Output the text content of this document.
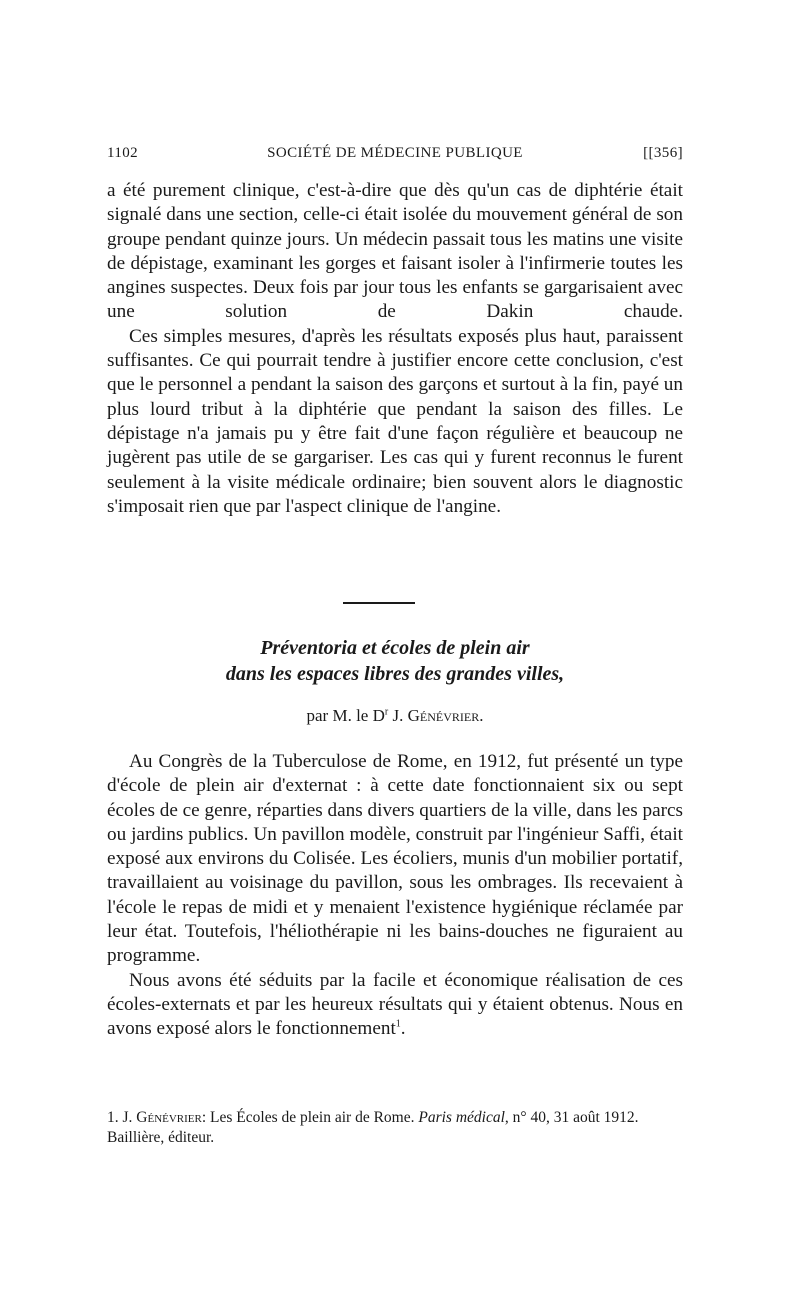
1102	SOCIÉTÉ DE MÉDECINE PUBLIQUE	[[356]

a été purement clinique, c'est-à-dire que dès qu'un cas de diphtérie était signalé dans une section, celle-ci était isolée du mouvement général de son groupe pendant quinze jours. Un médecin passait tous les matins une visite de dépistage, examinant les gorges et faisant isoler à l'infirmerie toutes les angines suspectes. Deux fois par jour tous les enfants se gargarisaient avec une solution de Dakin chaude.

Ces simples mesures, d'après les résultats exposés plus haut, paraissent suffisantes. Ce qui pourrait tendre à justifier encore cette conclusion, c'est que le personnel a pendant la saison des garçons et surtout à la fin, payé un plus lourd tribut à la diphtérie que pendant la saison des filles. Le dépistage n'a jamais pu y être fait d'une façon régulière et beaucoup ne jugèrent pas utile de se gargariser. Les cas qui y furent reconnus le furent seulement à la visite médicale ordinaire; bien souvent alors le diagnostic s'imposait rien que par l'aspect clinique de l'angine.

Préventoria et écoles de plein air
dans les espaces libres des grandes villes,
par M. le $D^r$ J. Génévrier.

Au Congrès de la Tuberculose de Rome, en 1912, fut présenté un type d'école de plein air d'externat : à cette date fonctionnaient six ou sept écoles de ce genre, réparties dans divers quartiers de la ville, dans les parcs ou jardins publics. Un pavillon modèle, construit par l'ingénieur Saffi, était exposé aux environs du Colisée. Les écoliers, munis d'un mobilier portatif, travaillaient au voisinage du pavillon, sous les ombrages. Ils recevaient à l'école le repas de midi et y menaient l'existence hygiénique réclamée par leur état. Toutefois, l'héliothérapie ni les bains-douches ne figuraient au programme.

Nous avons été séduits par la facile et économique réalisation de ces écoles-externats et par les heureux résultats qui y étaient obtenus. Nous en avons exposé alors le fonctionnement$^1$.

1. J. Génévrier: Les Écoles de plein air de Rome. Paris médical, n° 40, 31 août 1912. Baillière, éditeur.
